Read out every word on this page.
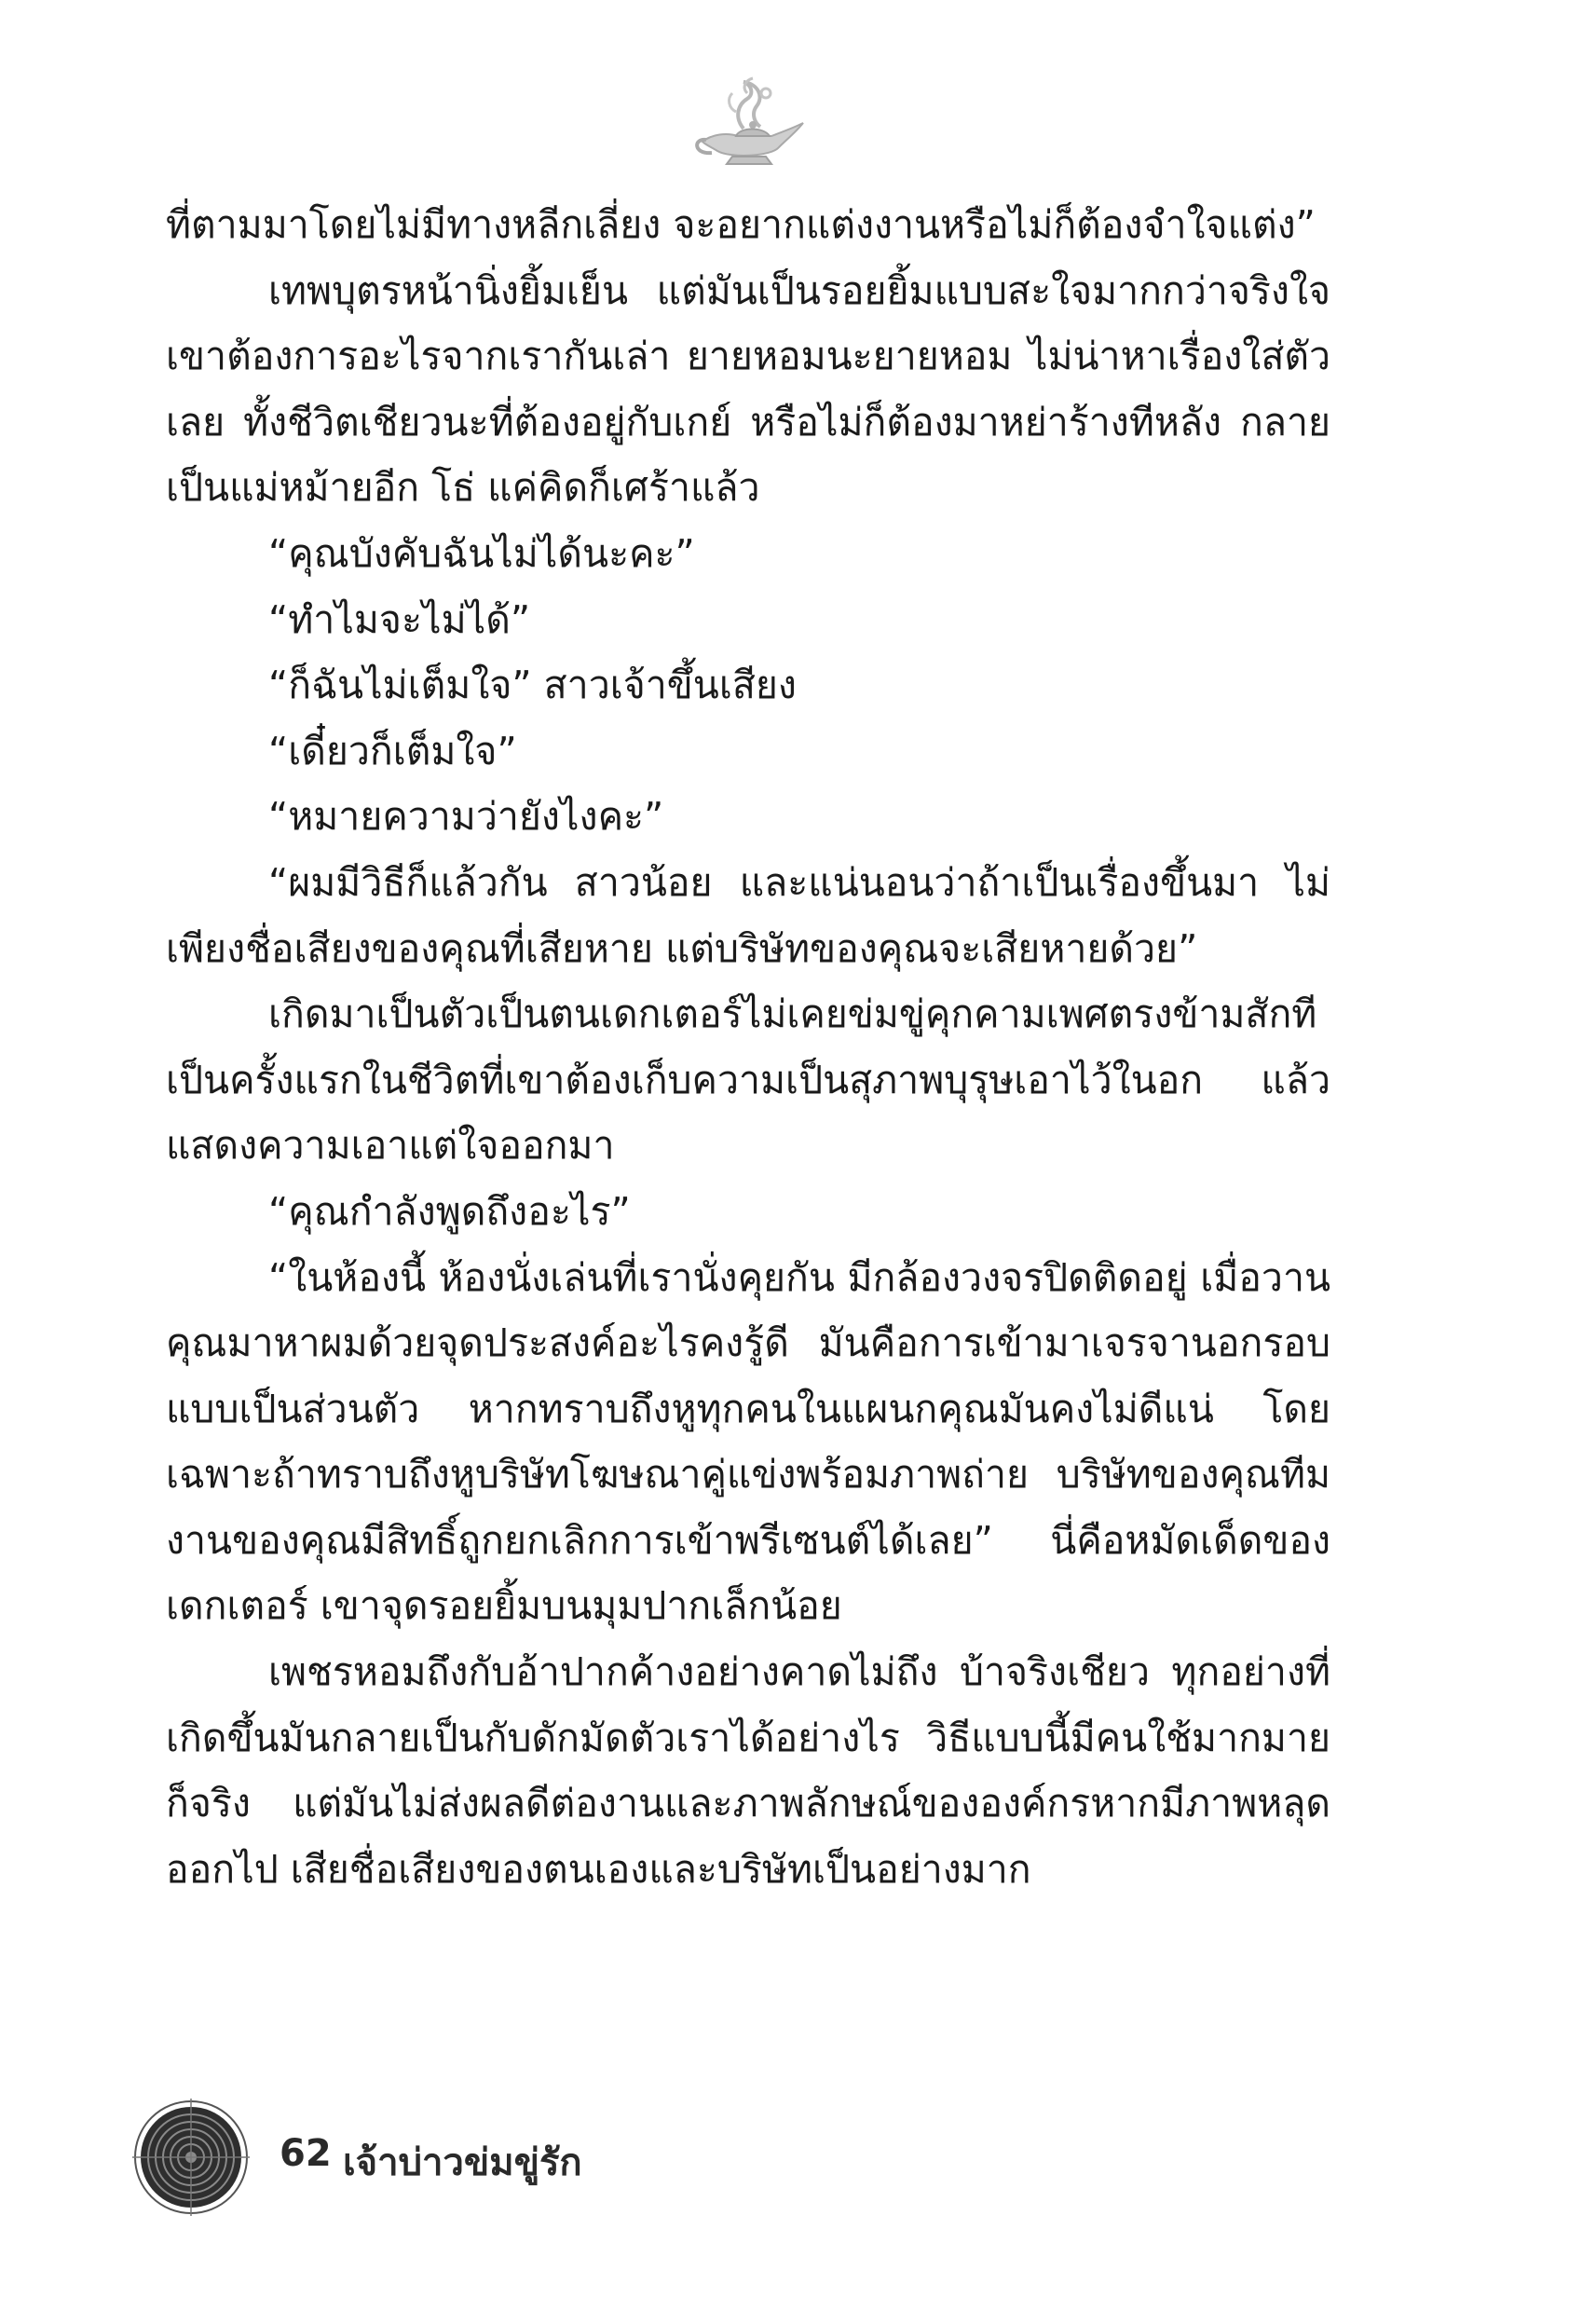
ที่ตามมาโดยไม่มีทางหลีกเลี่ยง จะอยากแต่งงานหรือไม่ก็ต้องจำใจแต่ง”

เทพบุตรหน้านิ่งยิ้มเย็น แต่มันเป็นรอยยิ้มแบบสะใจมากกว่าจริงใจ เขาต้องการอะไรจากเรากันเล่า ยายหอมนะยายหอม ไม่น่าหาเรื่องใส่ตัวเลย ทั้งชีวิตเชียวนะที่ต้องอยู่กับเกย์ หรือไม่ก็ต้องมาหย่าร้างทีหลัง กลายเป็นแม่หม้ายอีก โธ่ แค่คิดก็เศร้าแล้ว

“คุณบังคับฉันไม่ได้นะคะ”

“ทำไมจะไม่ได้”

“ก็ฉันไม่เต็มใจ” สาวเจ้าขึ้นเสียง

“เดี๋ยวก็เต็มใจ”

“หมายความว่ายังไงคะ”

“ผมมีวิธีก็แล้วกัน สาวน้อย และแน่นอนว่าถ้าเป็นเรื่องขึ้นมา ไม่เพียงชื่อเสียงของคุณที่เสียหาย แต่บริษัทของคุณจะเสียหายด้วย”

เกิดมาเป็นตัวเป็นตนเดกเตอร์ไม่เคยข่มขู่คุกคามเพศตรงข้ามสักที เป็นครั้งแรกในชีวิตที่เขาต้องเก็บความเป็นสุภาพบุรุษเอาไว้ในอก แล้วแสดงความเอาแต่ใจออกมา

“คุณกำลังพูดถึงอะไร”

“ในห้องนี้ ห้องนั่งเล่นที่เรานั่งคุยกัน มีกล้องวงจรปิดติดอยู่ เมื่อวานคุณมาหาผมด้วยจุดประสงค์อะไรคงรู้ดี มันคือการเข้ามาเจรจานอกรอบแบบเป็นส่วนตัว หากทราบถึงหูทุกคนในแผนกคุณมันคงไม่ดีแน่ โดยเฉพาะถ้าทราบถึงหูบริษัทโฆษณาคู่แข่งพร้อมภาพถ่าย บริษัทของคุณทีมงานของคุณมีสิทธิ์ถูกยกเลิกการเข้าพรีเซนต์ได้เลย” นี่คือหมัดเด็ดของเดกเตอร์ เขาจุดรอยยิ้มบนมุมปากเล็กน้อย

เพชรหอมถึงกับอ้าปากค้างอย่างคาดไม่ถึง บ้าจริงเชียว ทุกอย่างที่เกิดขึ้นมันกลายเป็นกับดักมัดตัวเราได้อย่างไร วิธีแบบนี้มีคนใช้มากมายก็จริง แต่มันไม่ส่งผลดีต่องานและภาพลักษณ์ขององค์กรหากมีภาพหลุดออกไป เสียชื่อเสียงของตนเองและบริษัทเป็นอย่างมาก

62 เจ้าบ่าวข่มขู่รัก
